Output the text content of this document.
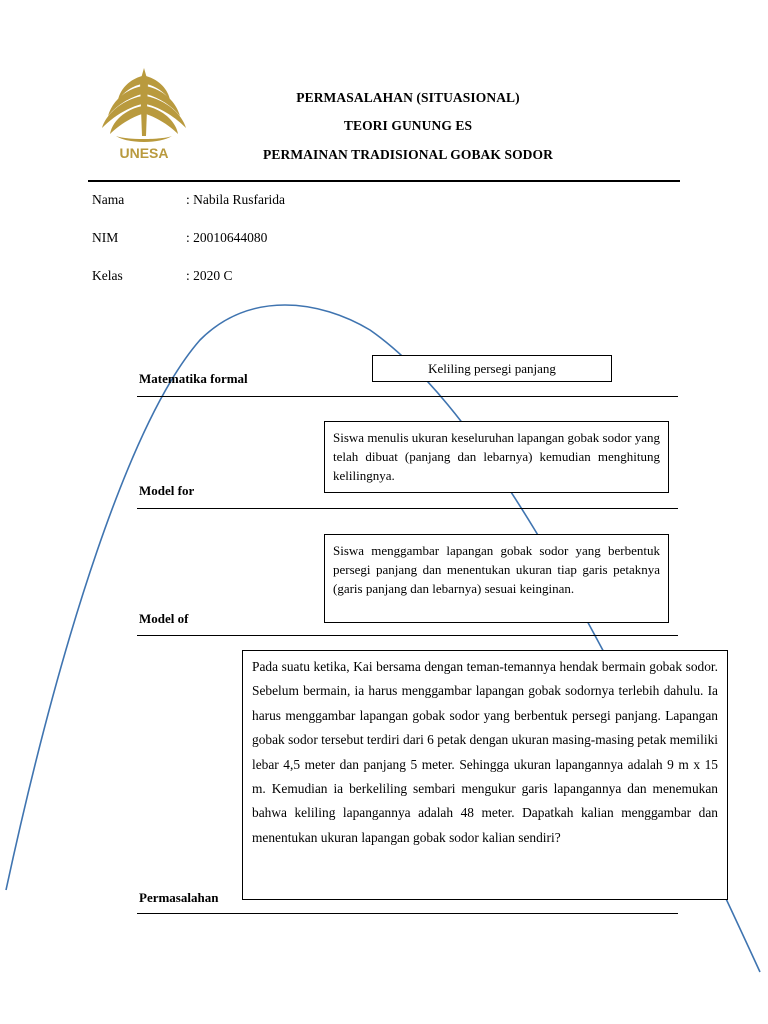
UNESA
PERMASALAHAN (SITUASIONAL)
TEORI GUNUNG ES
PERMAINAN TRADISIONAL GOBAK SODOR
Nama	: Nabila Rusfarida
NIM	: 20010644080
Kelas	: 2020 C
Keliling persegi panjang
Matematika formal

Siswa menulis ukuran keseluruhan lapangan gobak sodor yang telah dibuat (panjang dan lebarnya) kemudian menghitung kelilingnya.

Model for

Siswa menggambar lapangan gobak sodor yang berbentuk persegi panjang dan menentukan ukuran tiap garis petaknya (garis panjang dan lebarnya) sesuai keinginan.

Model of

Pada suatu ketika, Kai bersama dengan teman-temannya hendak bermain gobak sodor. Sebelum bermain, ia harus menggambar lapangan gobak sodornya terlebih dahulu. Ia harus menggambar lapangan gobak sodor yang berbentuk persegi panjang. Lapangan gobak sodor tersebut terdiri dari 6 petak dengan ukuran masing-masing petak memiliki lebar 4,5 meter dan panjang 5 meter. Sehingga ukuran lapangannya adalah 9 m x 15 m. Kemudian ia berkeliling sembari mengukur garis lapangannya dan menemukan bahwa keliling lapangannya adalah 48 meter. Dapatkah kalian menggambar dan menentukan ukuran lapangan gobak sodor kalian sendiri?

Permasalahan
